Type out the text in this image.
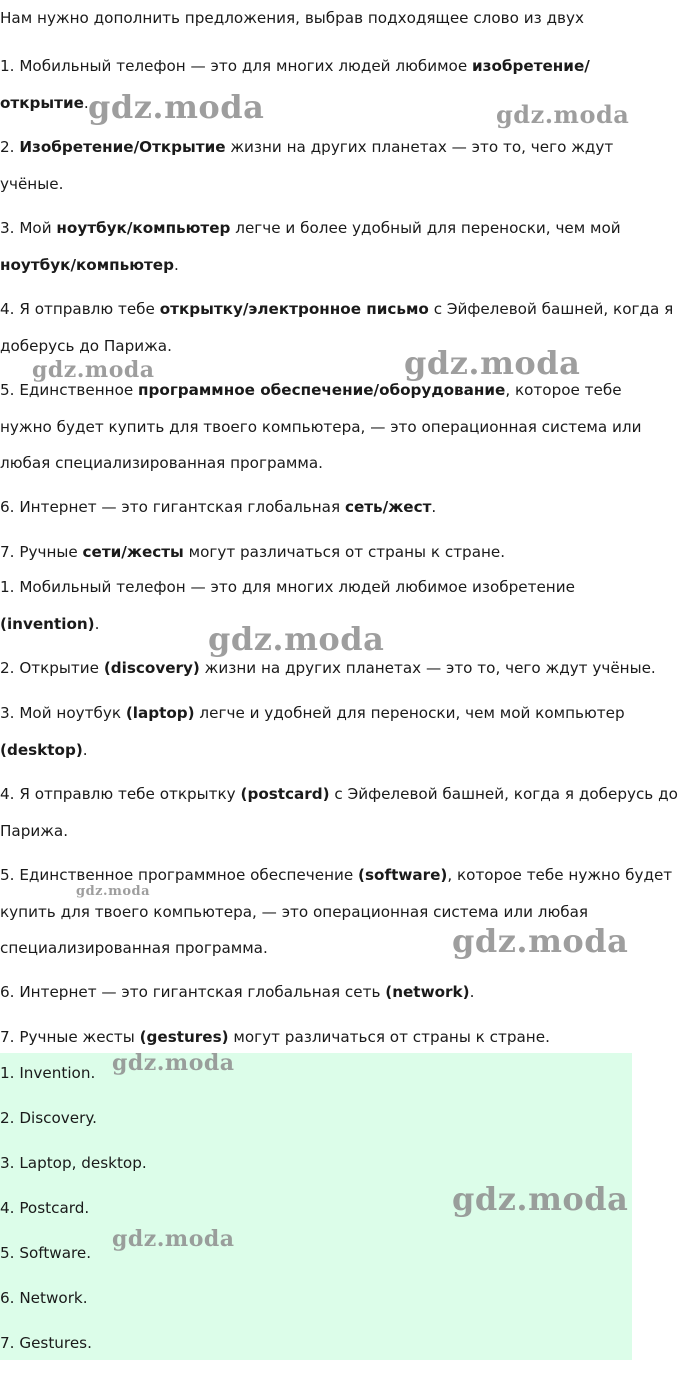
Нам нужно дополнить предложения, выбрав подходящее слово из двух
1. Мобильный телефон — это для многих людей любимое изобретение/ открытие.
2. Изобретение/Открытие жизни на других планетах — это то, чего ждут учёные.
3. Мой ноутбук/компьютер легче и более удобный для переноски, чем мой ноутбук/компьютер.
4. Я отправлю тебе открытку/электронное письмо с Эйфелевой башней, когда я доберусь до Парижа.
5. Единственное программное обеспечение/оборудование, которое тебе нужно будет купить для твоего компьютера, — это операционная система или любая специализированная программа.
6. Интернет — это гигантская глобальная сеть/жест.
7. Ручные сети/жесты могут различаться от страны к стране.
1. Мобильный телефон — это для многих людей любимое изобретение (invention).
2. Открытие (discovery) жизни на других планетах — это то, чего ждут учёные.
3. Мой ноутбук (laptop) легче и удобней для переноски, чем мой компьютер (desktop).
4. Я отправлю тебе открытку (postcard) с Эйфелевой башней, когда я доберусь до Парижа.
5. Единственное программное обеспечение (software), которое тебе нужно будет купить для твоего компьютера, — это операционная система или любая специализированная программа.
6. Интернет — это гигантская глобальная сеть (network).
7. Ручные жесты (gestures) могут различаться от страны к стране.
1. Invention.
2. Discovery.
3. Laptop, desktop.
4. Postcard.
5. Software.
6. Network.
7. Gestures.
gdz.moda	gdz.moda
gdz.moda
gdz.moda
gdz.moda
gdz.moda
gdz.moda
gdz.moda
gdz.moda
gdz.moda
